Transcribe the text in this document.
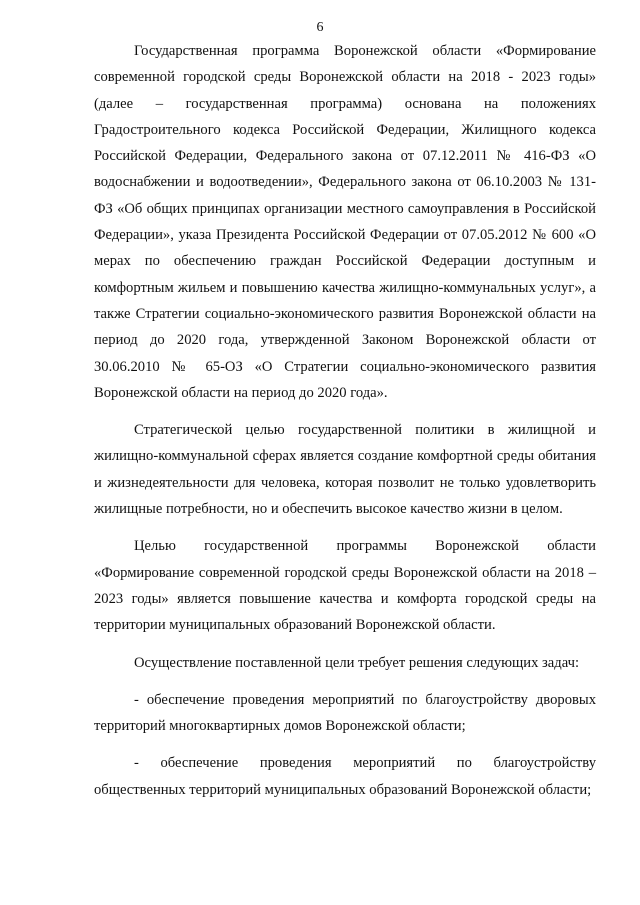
6

Государственная программа Воронежской области «Формирование современной городской среды Воронежской области на 2018 - 2023 годы» (далее – государственная программа) основана на положениях Градостроительного кодекса Российской Федерации, Жилищного кодекса Российской Федерации, Федерального закона от 07.12.2011 № 416-ФЗ «О водоснабжении и водоотведении», Федерального закона от 06.10.2003 № 131-ФЗ «Об общих принципах организации местного самоуправления в Российской Федерации», указа Президента Российской Федерации от 07.05.2012 № 600 «О мерах по обеспечению граждан Российской Федерации доступным и комфортным жильем и повышению качества жилищно-коммунальных услуг», а также Стратегии социально-экономического развития Воронежской области на период до 2020 года, утвержденной Законом Воронежской области от 30.06.2010 № 65-ОЗ «О Стратегии социально-экономического развития Воронежской области на период до 2020 года».

Стратегической целью государственной политики в жилищной и жилищно-коммунальной сферах является создание комфортной среды обитания и жизнедеятельности для человека, которая позволит не только удовлетворить жилищные потребности, но и обеспечить высокое качество жизни в целом.

Целью государственной программы Воронежской области «Формирование современной городской среды Воронежской области на 2018 – 2023 годы» является повышение качества и комфорта городской среды на территории муниципальных образований Воронежской области.

Осуществление поставленной цели требует решения следующих задач:

- обеспечение проведения мероприятий по благоустройству дворовых территорий многоквартирных домов Воронежской области;

- обеспечение проведения мероприятий по благоустройству общественных территорий муниципальных образований Воронежской области;
